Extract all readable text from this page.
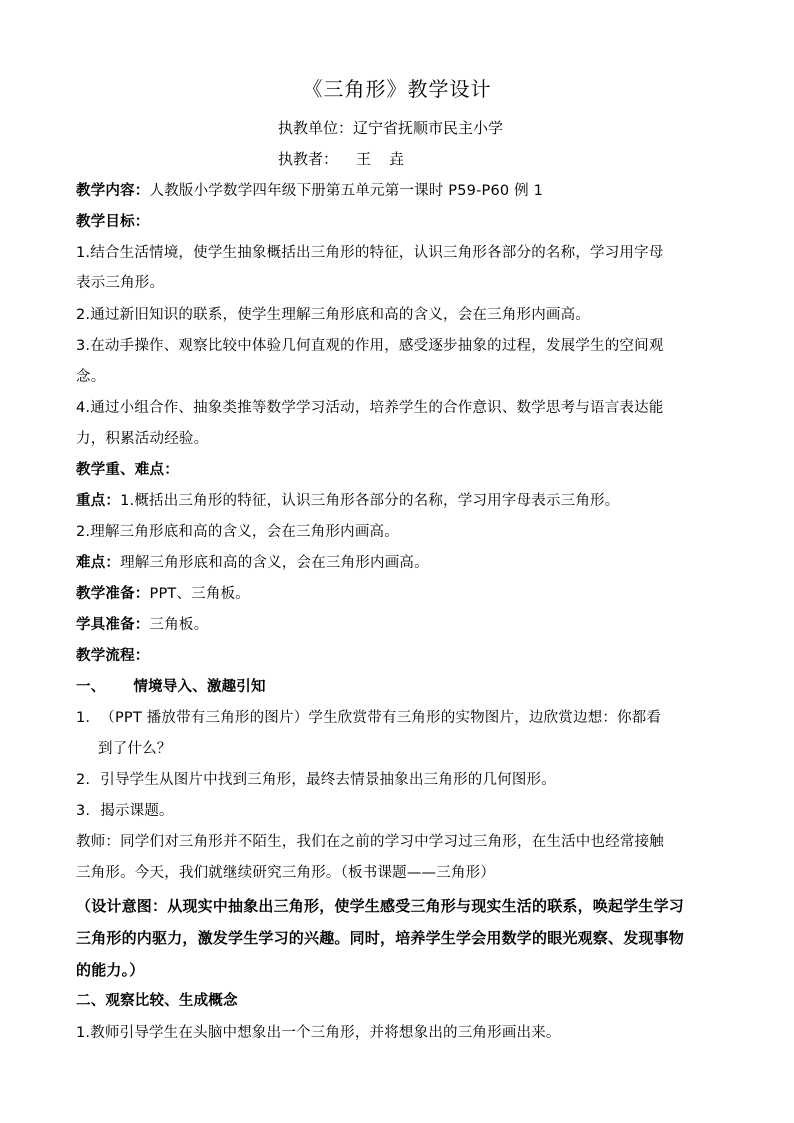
《三角形》教学设计
执教单位：辽宁省抚顺市民主小学
执教者： 王 垚
教学内容：人教版小学数学四年级下册第五单元第一课时 P59-P60 例 1
教学目标：
1.结合生活情境，使学生抽象概括出三角形的特征，认识三角形各部分的名称，学习用字母
表示三角形。
2.通过新旧知识的联系，使学生理解三角形底和高的含义，会在三角形内画高。
3.在动手操作、观察比较中体验几何直观的作用，感受逐步抽象的过程，发展学生的空间观
念。
4.通过小组合作、抽象类推等数学学习活动，培养学生的合作意识、数学思考与语言表达能
力，积累活动经验。
教学重、难点：
重点：1.概括出三角形的特征，认识三角形各部分的名称，学习用字母表示三角形。
2.理解三角形底和高的含义，会在三角形内画高。
难点：理解三角形底和高的含义，会在三角形内画高。
教学准备：PPT、三角板。
学具准备：三角板。
教学流程：
一、 情境导入、激趣引知
1. （PPT 播放带有三角形的图片）学生欣赏带有三角形的实物图片，边欣赏边想：你都看
到了什么？
2. 引导学生从图片中找到三角形，最终去情景抽象出三角形的几何图形。
3. 揭示课题。
教师：同学们对三角形并不陌生，我们在之前的学习中学习过三角形，在生活中也经常接触
三角形。今天，我们就继续研究三角形。（板书课题——三角形）
（设计意图：从现实中抽象出三角形，使学生感受三角形与现实生活的联系，唤起学生学习
三角形的内驱力，激发学生学习的兴趣。同时，培养学生学会用数学的眼光观察、发现事物
的能力。）
二、观察比较、生成概念
1.教师引导学生在头脑中想象出一个三角形，并将想象出的三角形画出来。
